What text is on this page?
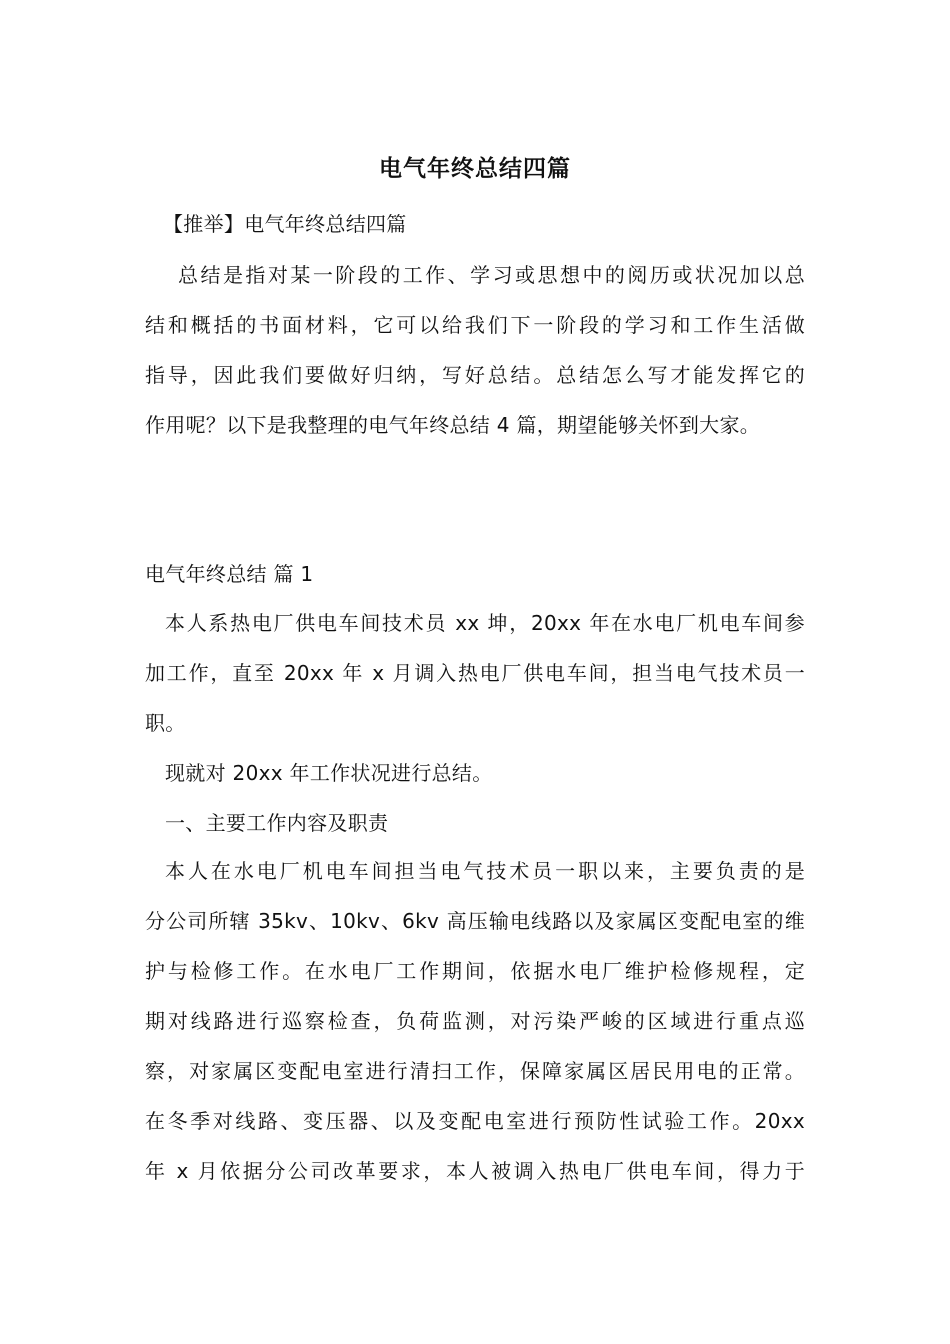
电气年终总结四篇
【推举】电气年终总结四篇
总结是指对某一阶段的工作、学习或思想中的阅历或状况加以总
结和概括的书面材料，它可以给我们下一阶段的学习和工作生活做
指导，因此我们要做好归纳，写好总结。总结怎么写才能发挥它的
作用呢？以下是我整理的电气年终总结 4 篇，期望能够关怀到大家。
电气年终总结 篇 1
本人系热电厂供电车间技术员 xx 坤，20xx 年在水电厂机电车间参
加工作，直至 20xx 年 x 月调入热电厂供电车间，担当电气技术员一
职。
现就对 20xx 年工作状况进行总结。
一、主要工作内容及职责
本人在水电厂机电车间担当电气技术员一职以来，主要负责的是
分公司所辖 35kv、10kv、6kv 高压输电线路以及家属区变配电室的维
护与检修工作。在水电厂工作期间，依据水电厂维护检修规程，定
期对线路进行巡察检查，负荷监测，对污染严峻的区域进行重点巡
察，对家属区变配电室进行清扫工作，保障家属区居民用电的正常。
在冬季对线路、变压器、以及变配电室进行预防性试验工作。20xx
年 x 月依据分公司改革要求，本人被调入热电厂供电车间，得力于
